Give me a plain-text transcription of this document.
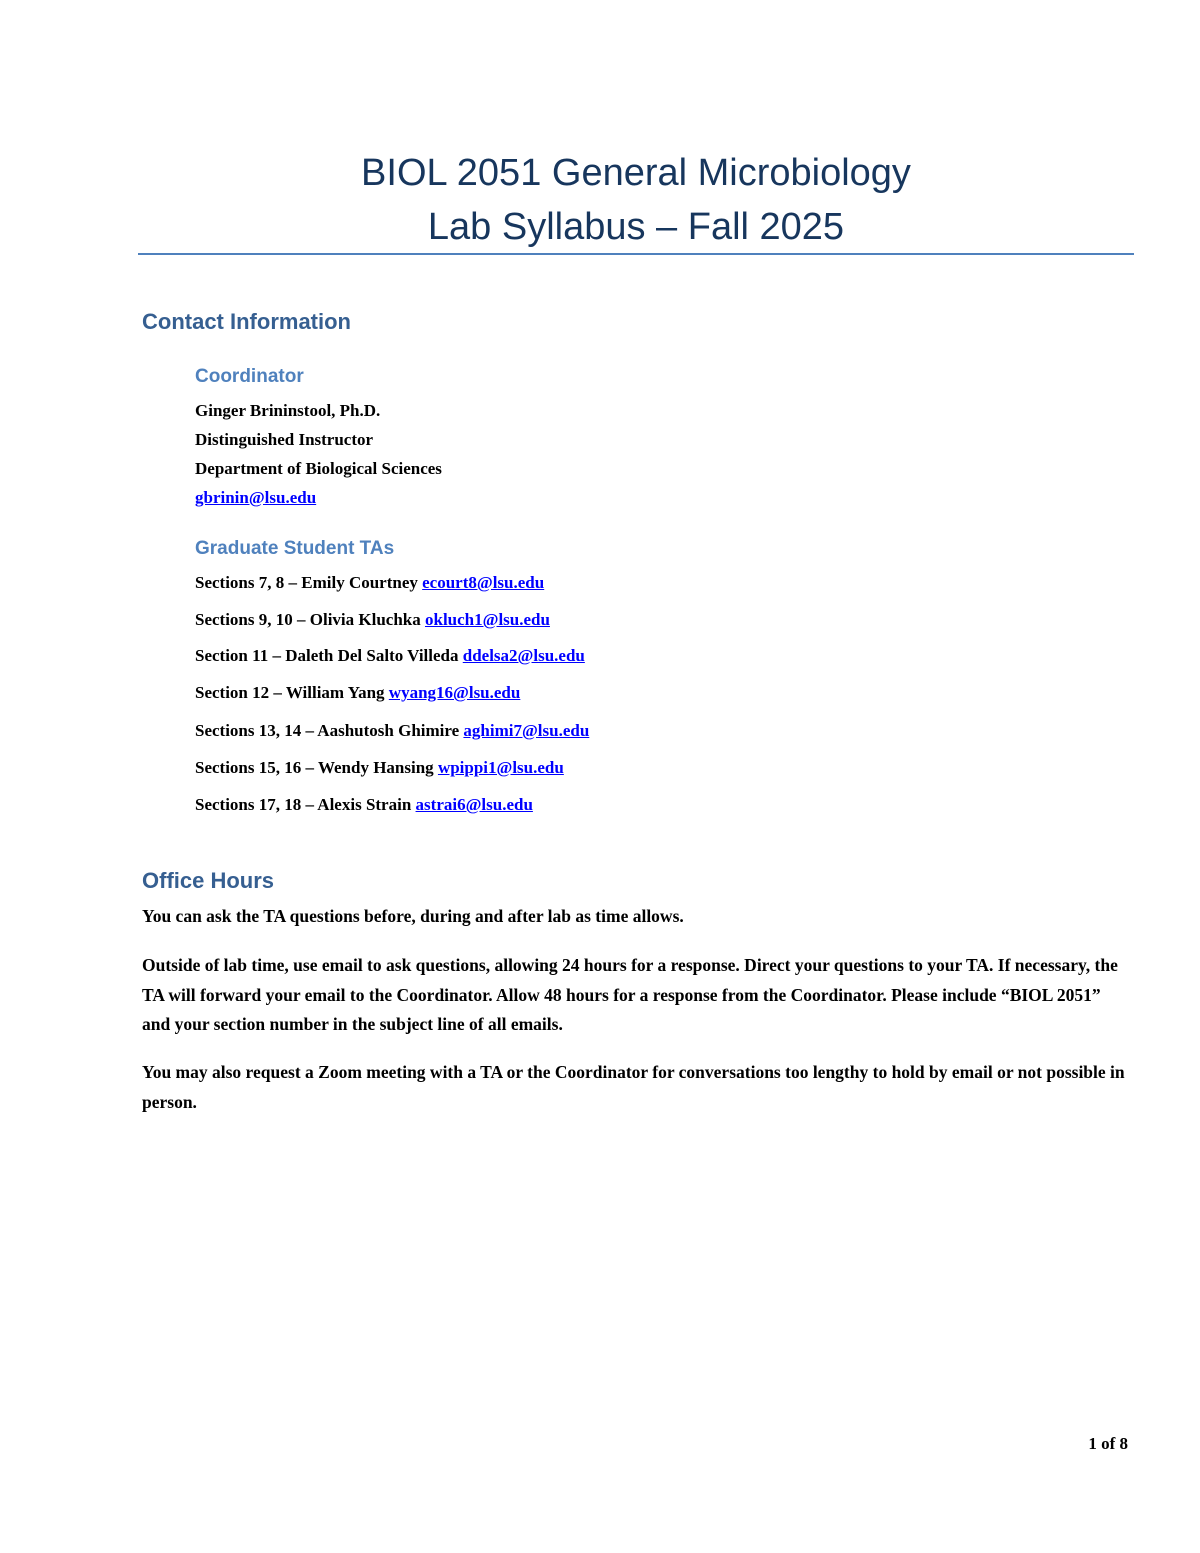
BIOL 2051 General Microbiology
Lab Syllabus – Fall 2025
Contact Information
Coordinator
Ginger Brininstool, Ph.D.
Distinguished Instructor
Department of Biological Sciences
gbrinin@lsu.edu
Graduate Student TAs
Sections 7, 8 – Emily Courtney ecourt8@lsu.edu
Sections 9, 10 – Olivia Kluchka okluch1@lsu.edu
Section 11 – Daleth Del Salto Villeda ddelsa2@lsu.edu
Section 12 – William Yang wyang16@lsu.edu
Sections 13, 14 – Aashutosh Ghimire aghimi7@lsu.edu
Sections 15, 16 – Wendy Hansing wpippi1@lsu.edu
Sections 17, 18 – Alexis Strain astrai6@lsu.edu
Office Hours

You can ask the TA questions before, during and after lab as time allows.

Outside of lab time, use email to ask questions, allowing 24 hours for a response. Direct your questions to your TA. If necessary, the TA will forward your email to the Coordinator. Allow 48 hours for a response from the Coordinator. Please include “BIOL 2051” and your section number in the subject line of all emails.

You may also request a Zoom meeting with a TA or the Coordinator for conversations too lengthy to hold by email or not possible in person.

1 of 8
